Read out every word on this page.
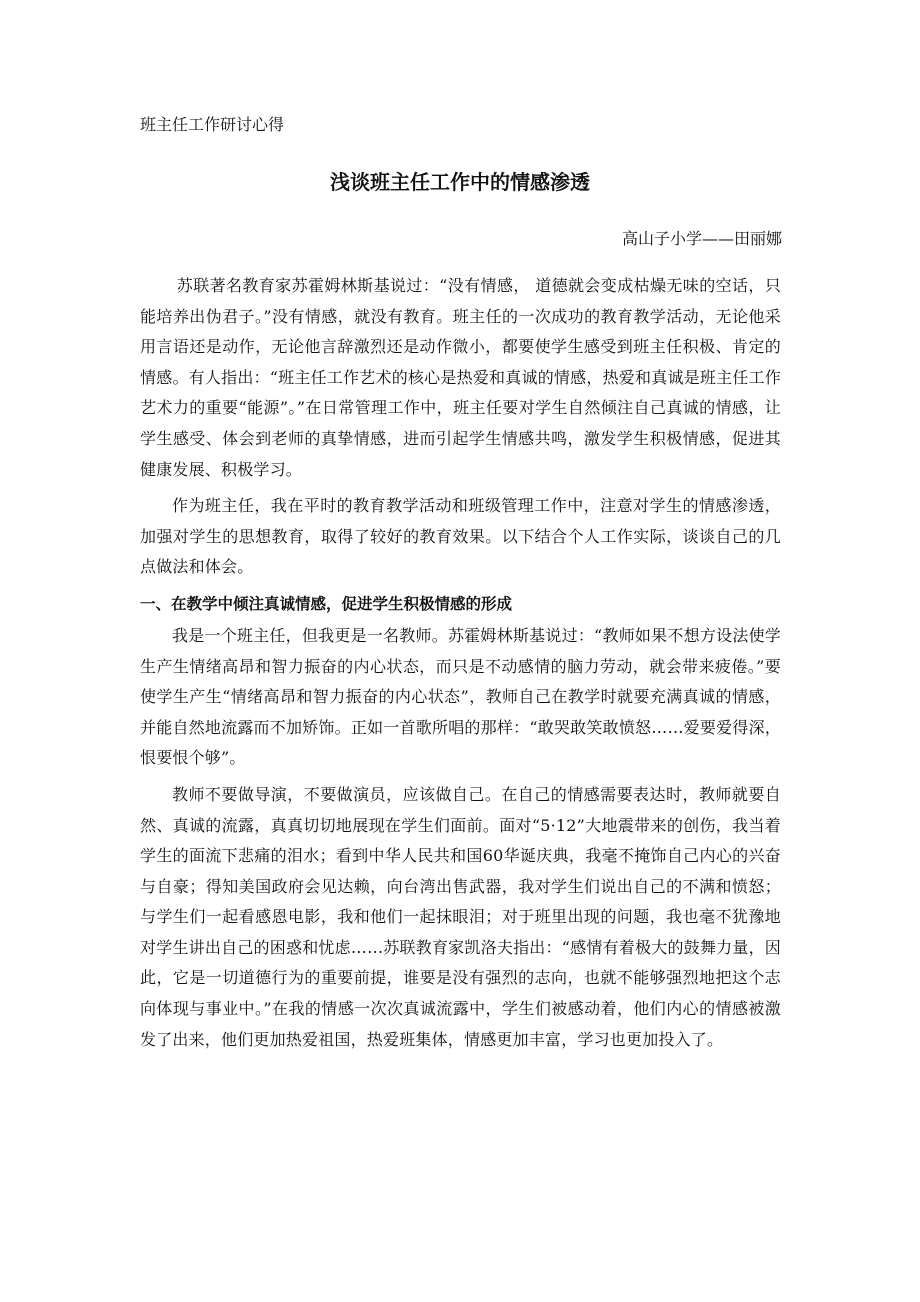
班主任工作研讨心得
浅谈班主任工作中的情感渗透
高山子小学——田丽娜

苏联著名教育家苏霍姆林斯基说过：“没有情感， 道德就会变成枯燥无味的空话，只能培养出伪君子。”没有情感，就没有教育。班主任的一次成功的教育教学活动，无论他采用言语还是动作，无论他言辞激烈还是动作微小，都要使学生感受到班主任积极、肯定的情感。有人指出：“班主任工作艺术的核心是热爱和真诚的情感，热爱和真诚是班主任工作艺术力的重要“能源”。”在日常管理工作中，班主任要对学生自然倾注自己真诚的情感，让学生感受、体会到老师的真挚情感，进而引起学生情感共鸣，激发学生积极情感，促进其健康发展、积极学习。

作为班主任，我在平时的教育教学活动和班级管理工作中，注意对学生的情感渗透，加强对学生的思想教育，取得了较好的教育效果。以下结合个人工作实际，谈谈自己的几点做法和体会。

一、在教学中倾注真诚情感，促进学生积极情感的形成

我是一个班主任，但我更是一名教师。苏霍姆林斯基说过：“教师如果不想方设法使学生产生情绪高昂和智力振奋的内心状态，而只是不动感情的脑力劳动，就会带来疲倦。”要使学生产生“情绪高昂和智力振奋的内心状态”，教师自己在教学时就要充满真诚的情感，并能自然地流露而不加矫饰。正如一首歌所唱的那样：“敢哭敢笑敢愤怒……爱要爱得深，恨要恨个够”。

教师不要做导演，不要做演员，应该做自己。在自己的情感需要表达时，教师就要自然、真诚的流露，真真切切地展现在学生们面前。面对“5·12”大地震带来的创伤，我当着学生的面流下悲痛的泪水；看到中华人民共和国60华诞庆典，我毫不掩饰自己内心的兴奋与自豪；得知美国政府会见达赖，向台湾出售武器，我对学生们说出自己的不满和愤怒；与学生们一起看感恩电影，我和他们一起抹眼泪；对于班里出现的问题，我也毫不犹豫地对学生讲出自己的困惑和忧虑……苏联教育家凯洛夫指出：“感情有着极大的鼓舞力量，因此，它是一切道德行为的重要前提，谁要是没有强烈的志向，也就不能够强烈地把这个志向体现与事业中。”在我的情感一次次真诚流露中，学生们被感动着，他们内心的情感被激发了出来，他们更加热爱祖国，热爱班集体，情感更加丰富，学习也更加投入了。
